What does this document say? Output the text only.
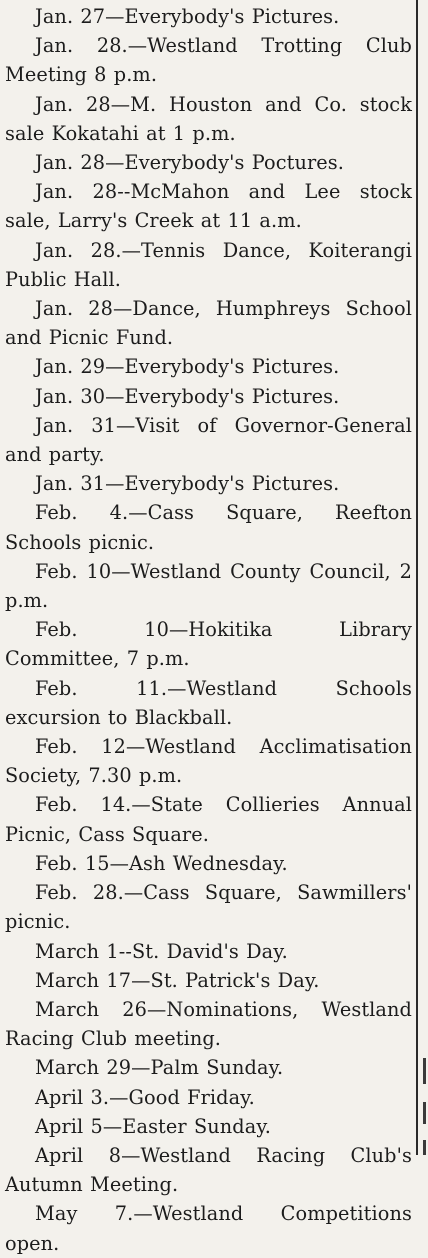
Jan. 27—Everybody's Pictures.

Jan. 28.—Westland Trotting Club Meeting 8 p.m.

Jan. 28—M. Houston and Co. stock sale Kokatahi at 1 p.m.

Jan. 28—Everybody's Poctures.

Jan. 28--McMahon and Lee stock sale, Larry's Creek at 11 a.m.

Jan. 28.—Tennis Dance, Koiterangi Public Hall.

Jan. 28—Dance, Humphreys School and Picnic Fund.

Jan. 29—Everybody's Pictures.

Jan. 30—Everybody's Pictures.

Jan. 31—Visit of Governor-General and party.

Jan. 31—Everybody's Pictures.

Feb. 4.—Cass Square, Reefton Schools picnic.

Feb. 10—Westland County Council, 2 p.m.

Feb. 10—Hokitika Library Committee, 7 p.m.

Feb. 11.—Westland Schools excursion to Blackball.

Feb. 12—Westland Acclimatisation Society, 7.30 p.m.

Feb. 14.—State Collieries Annual Picnic, Cass Square.

Feb. 15—Ash Wednesday.

Feb. 28.—Cass Square, Sawmillers' picnic.

March 1--St. David's Day.

March 17—St. Patrick's Day.

March 26—Nominations, Westland Racing Club meeting.

March 29—Palm Sunday.

April 3.—Good Friday.

April 5—Easter Sunday.

April 8—Westland Racing Club's Autumn Meeting.

May 7.—Westland Competitions open.
